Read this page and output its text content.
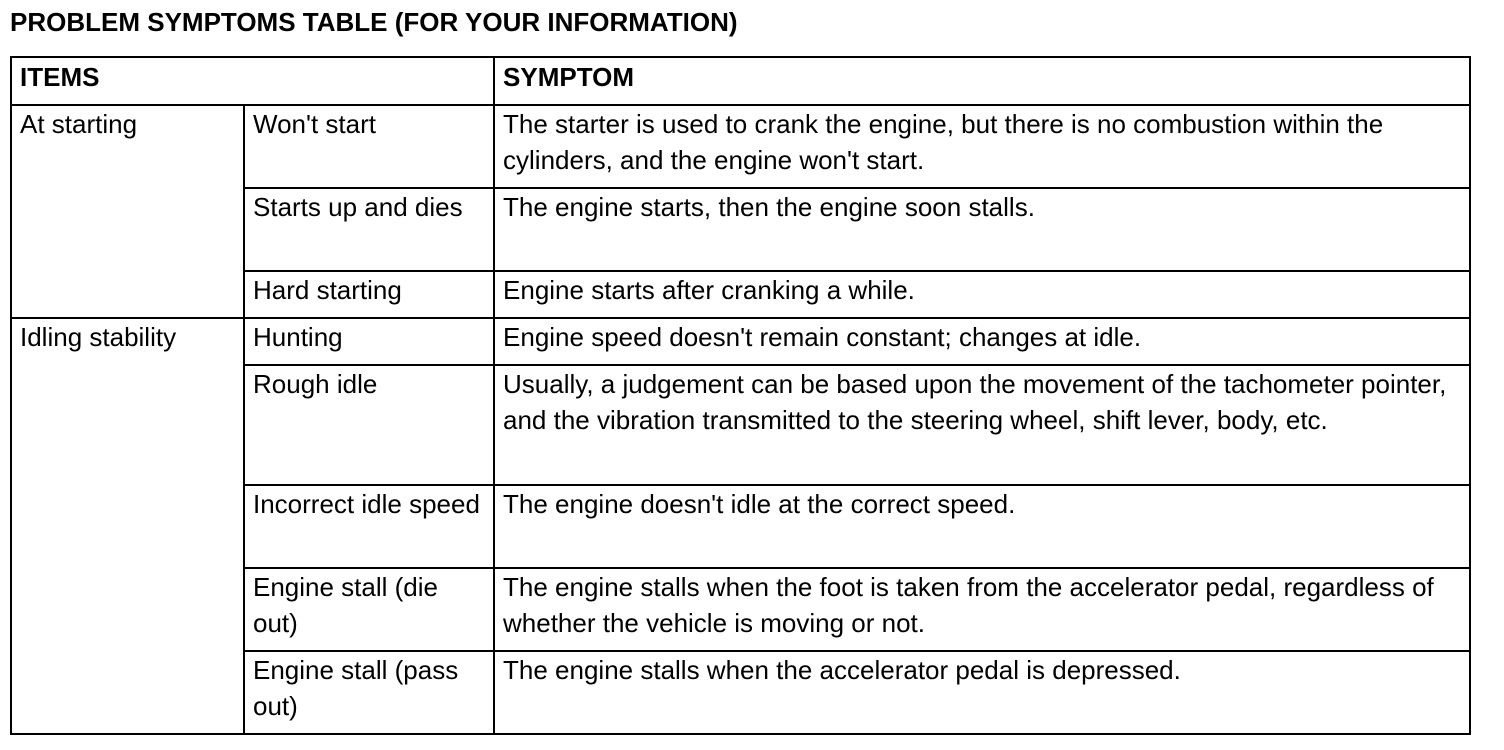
PROBLEM SYMPTOMS TABLE (FOR YOUR INFORMATION)
ITEMS		SYMPTOM
At starting	Won't start	The starter is used to crank the engine, but there is no combustion within the cylinders, and the engine won't start.
	Starts up and dies	The engine starts, then the engine soon stalls.
	Hard starting	Engine starts after cranking a while.
Idling stability	Hunting	Engine speed doesn't remain constant; changes at idle.
	Rough idle	Usually, a judgement can be based upon the movement of the tachometer pointer, and the vibration transmitted to the steering wheel, shift lever, body, etc.
	Incorrect idle speed	The engine doesn't idle at the correct speed.
	Engine stall (die out)	The engine stalls when the foot is taken from the accelerator pedal, regardless of whether the vehicle is moving or not.
	Engine stall (pass out)	The engine stalls when the accelerator pedal is depressed.
